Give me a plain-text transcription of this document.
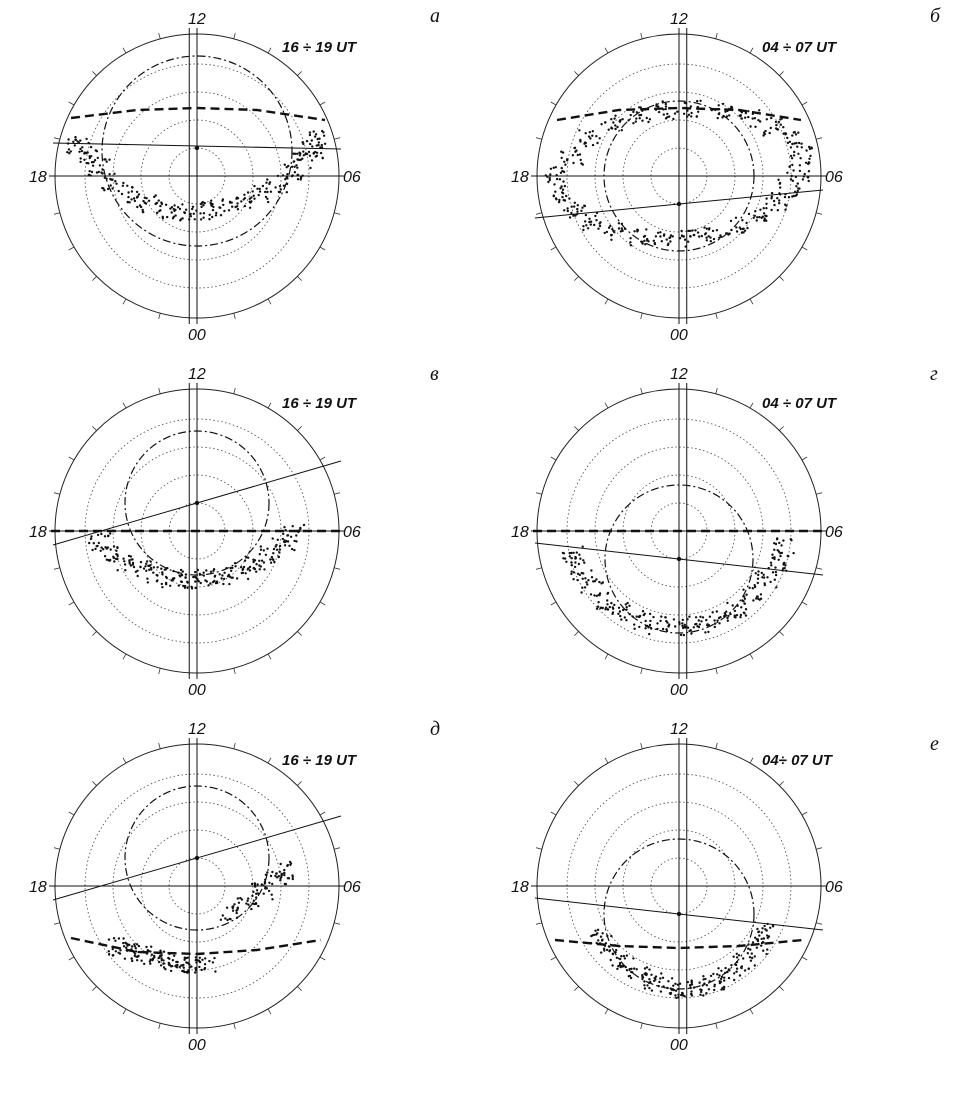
12
00
18	06
16 ÷ 19 UT
а	12
00
18	06
04 ÷ 07 UT
б
12
00
18	06
16 ÷ 19 UT
в	12
00
18	06
04 ÷ 07 UT
г
12
00
18	06
16 ÷ 19 UT
д	12
00
18	06
04÷ 07 UT
е
